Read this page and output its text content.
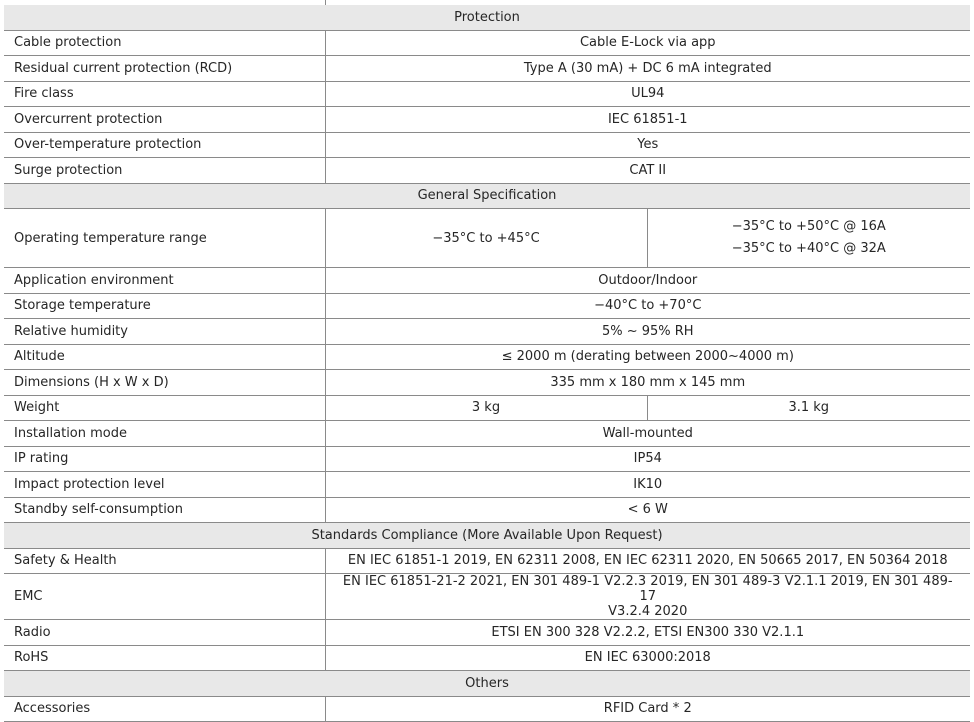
Protection		
Cable protection	Cable E-Lock via app	
Residual current protection (RCD)	Type A (30 mA) + DC 6 mA integrated	
Fire class	UL94	
Overcurrent protection	IEC 61851-1	
Over-temperature protection	Yes	
Surge protection	CAT II	
General Specification		
Operating temperature range	−35°C to +45°C	−35°C to +50°C @ 16A
−35°C to +40°C @ 32A

Application environment	Outdoor/Indoor	
Storage temperature	−40°C to +70°C	
Relative humidity	5% ~ 95% RH	
Altitude	≤ 2000 m (derating between 2000~4000 m)	
Dimensions (H x W x D)	335 mm x 180 mm x 145 mm	
Weight	3 kg	3.1 kg
Installation mode	Wall-mounted	
IP rating	IP54	
Impact protection level	IK10	
Standby self-consumption	< 6 W	
Standards Compliance (More Available Upon Request)		
Safety & Health	EN IEC 61851-1 2019, EN 62311 2008, EN IEC 62311 2020, EN 50665 2017, EN 50364 2018	
EMC	EN IEC 61851-21-2 2021, EN 301 489-1 V2.2.3 2019, EN 301 489-3 V2.1.1 2019, EN 301 489-17
V3.2.4 2020	

Radio	ETSI EN 300 328 V2.2.2, ETSI EN300 330 V2.1.1	
RoHS	EN IEC 63000:2018	
Others		
Accessories	RFID Card * 2	
